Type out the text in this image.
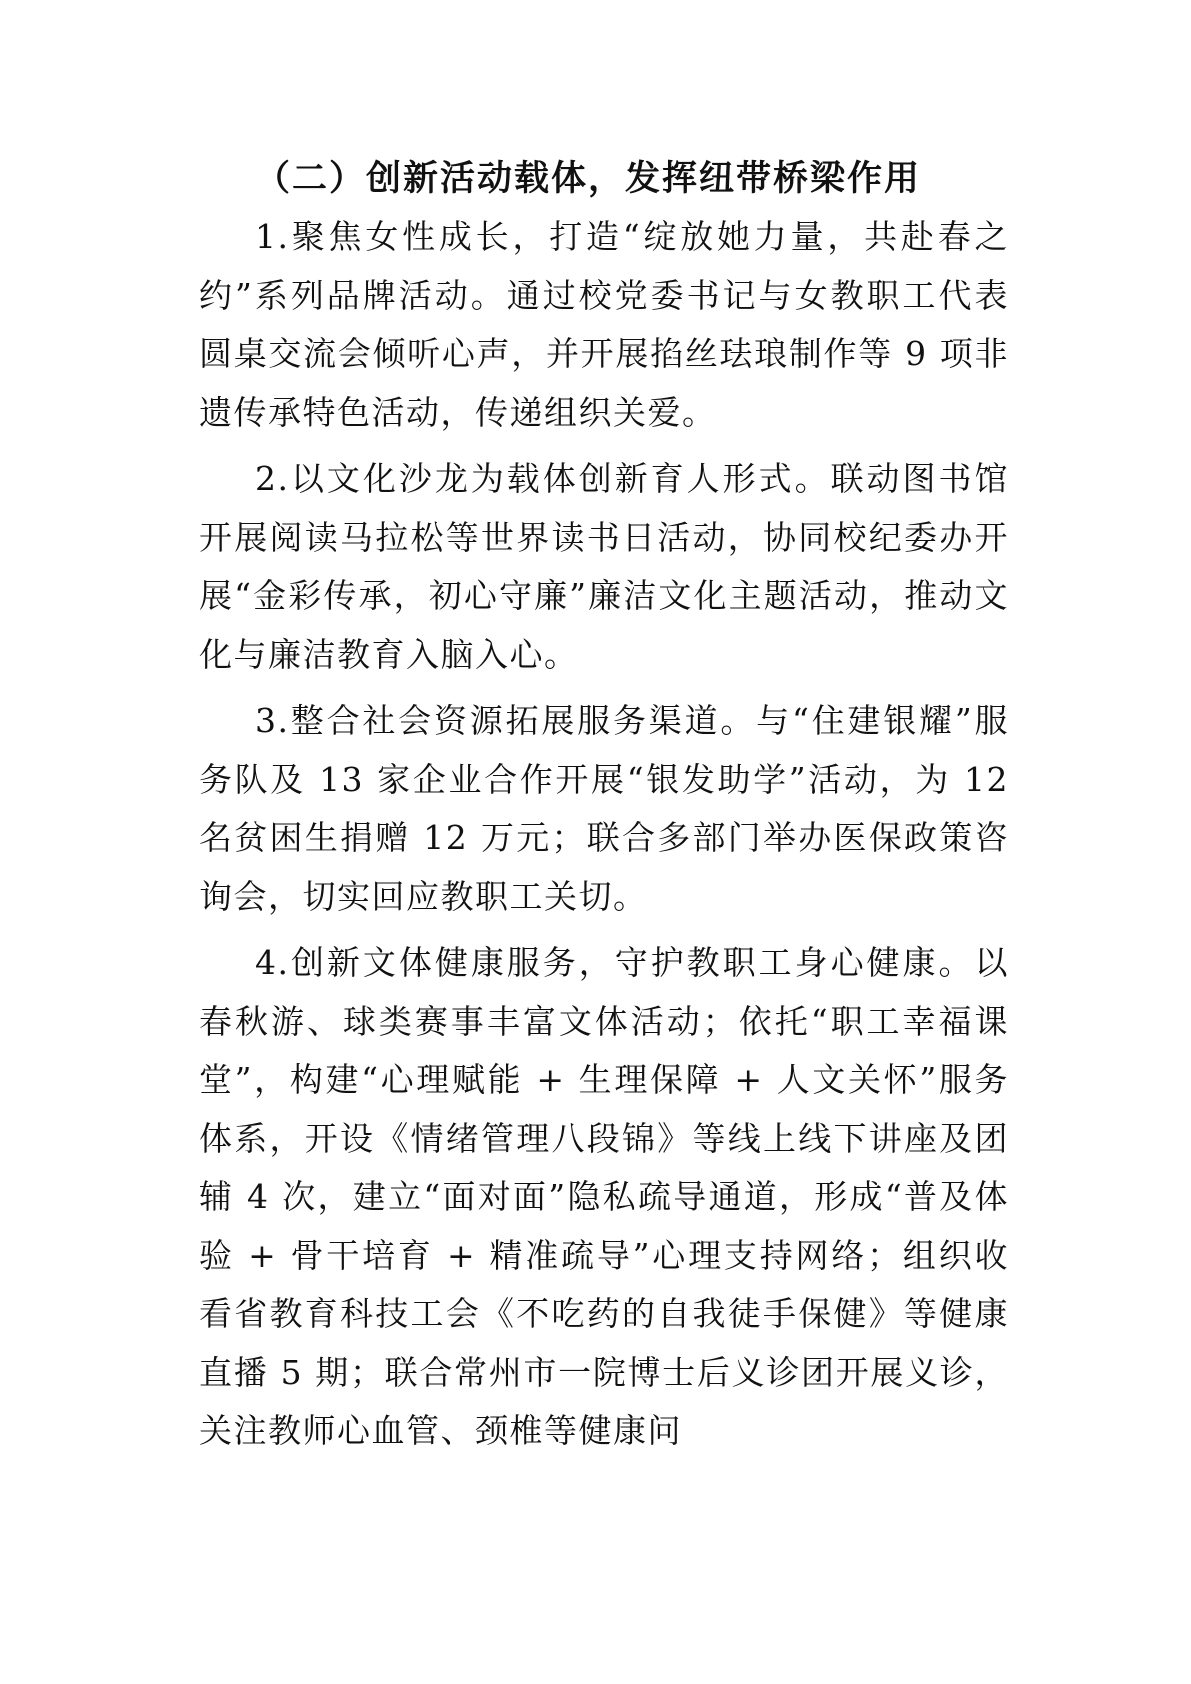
（二）创新活动载体，发挥纽带桥梁作用

1.聚焦女性成长，打造“绽放她力量，共赴春之约”系列品牌活动。通过校党委书记与女教职工代表圆桌交流会倾听心声，并开展掐丝珐琅制作等 9 项非遗传承特色活动，传递组织关爱。

2.以文化沙龙为载体创新育人形式。联动图书馆开展阅读马拉松等世界读书日活动，协同校纪委办开展“金彩传承，初心守廉”廉洁文化主题活动，推动文化与廉洁教育入脑入心。

3.整合社会资源拓展服务渠道。与“住建银耀”服务队及 13 家企业合作开展“银发助学”活动，为 12 名贫困生捐赠 12 万元；联合多部门举办医保政策咨询会，切实回应教职工关切。

4.创新文体健康服务，守护教职工身心健康。以春秋游、球类赛事丰富文体活动；依托“职工幸福课堂”，构建“心理赋能 + 生理保障 + 人文关怀”服务体系，开设《情绪管理八段锦》等线上线下讲座及团辅 4 次，建立“面对面”隐私疏导通道，形成“普及体验 + 骨干培育 + 精准疏导”心理支持网络；组织收看省教育科技工会《不吃药的自我徒手保健》等健康直播 5 期；联合常州市一院博士后义诊团开展义诊，关注教师心血管、颈椎等健康问
